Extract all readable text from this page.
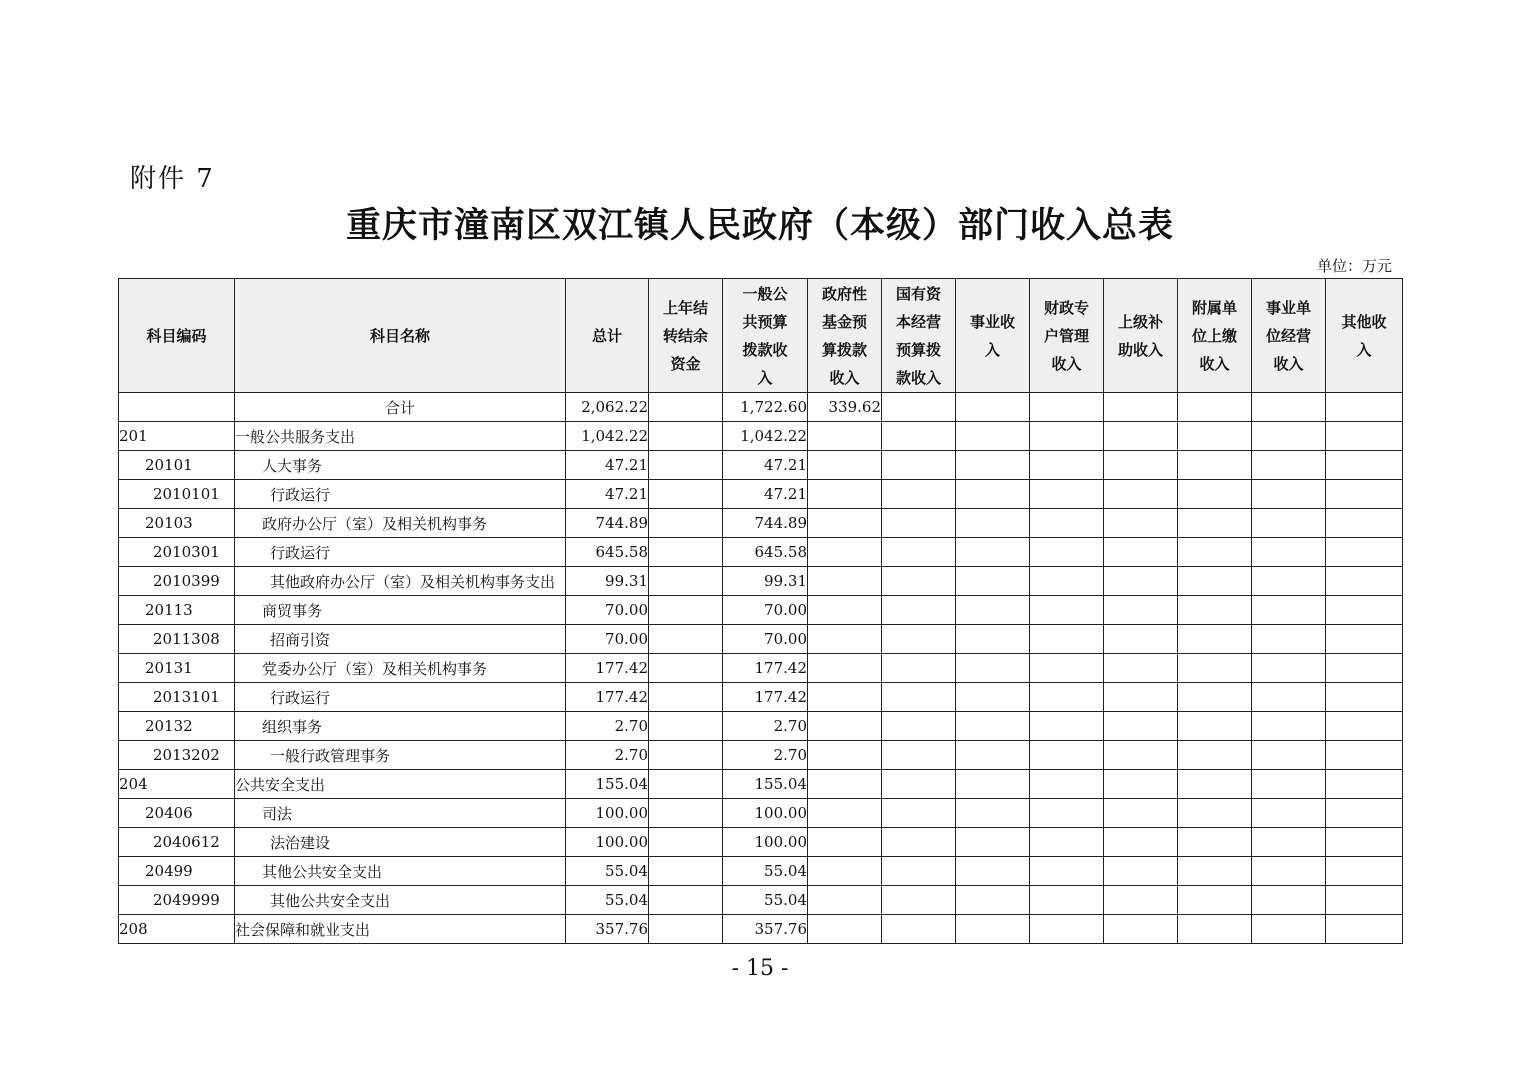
附件 7
重庆市潼南区双江镇人民政府（本级）部门收入总表
单位：万元
科目编码	科目名称	总计	上年结转结余资金	一般公共预算拨款收入	政府性基金预算拨款收入	国有资本经营预算拨款收入	事业收入	财政专户管理收入	上级补助收入	附属单位上缴收入	事业单位经营收入	其他收入
	合计	2,062.22		1,722.60	339.62							
201	一般公共服务支出	1,042.22		1,042.22								
20101	人大事务	47.21		47.21								
2010101	行政运行	47.21		47.21								
20103	政府办公厅（室）及相关机构事务	744.89		744.89								
2010301	行政运行	645.58		645.58								
2010399	其他政府办公厅（室）及相关机构事务支出	99.31		99.31								
20113	商贸事务	70.00		70.00								
2011308	招商引资	70.00		70.00								
20131	党委办公厅（室）及相关机构事务	177.42		177.42								
2013101	行政运行	177.42		177.42								
20132	组织事务	2.70		2.70								
2013202	一般行政管理事务	2.70		2.70								
204	公共安全支出	155.04		155.04								
20406	司法	100.00		100.00								
2040612	法治建设	100.00		100.00								
20499	其他公共安全支出	55.04		55.04								
2049999	其他公共安全支出	55.04		55.04								
208	社会保障和就业支出	357.76		357.76								
- 15 -
